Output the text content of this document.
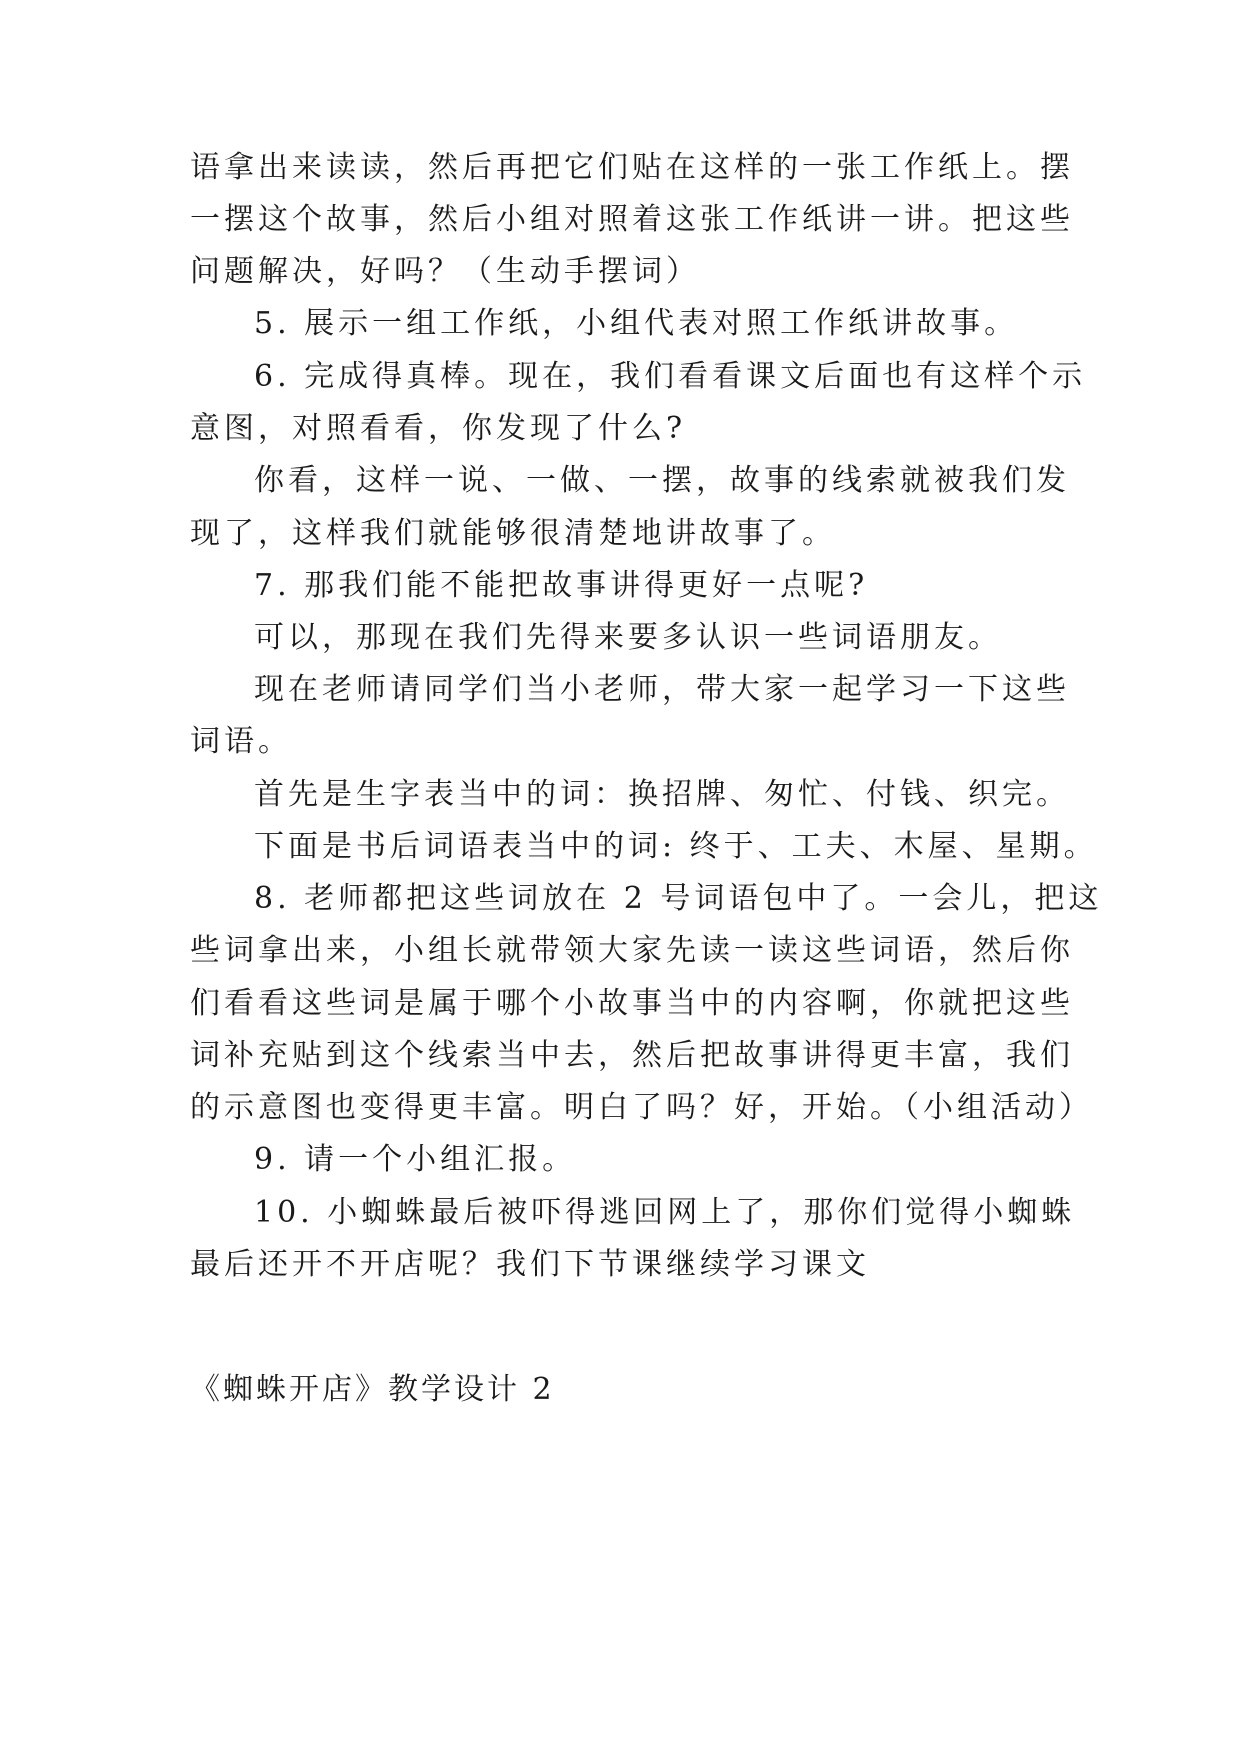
语拿出来读读，然后再把它们贴在这样的一张工作纸上。摆
一摆这个故事，然后小组对照着这张工作纸讲一讲。把这些
问题解决，好吗？（生动手摆词）
5. 展示一组工作纸，小组代表对照工作纸讲故事。
6. 完成得真棒。现在，我们看看课文后面也有这样个示
意图，对照看看，你发现了什么?
你看，这样一说、一做、一摆，故事的线索就被我们发
现了，这样我们就能够很清楚地讲故事了。
7. 那我们能不能把故事讲得更好一点呢?
可以，那现在我们先得来要多认识一些词语朋友。
现在老师请同学们当小老师，带大家一起学习一下这些
词语。
首先是生字表当中的词：换招牌、匆忙、付钱、织完。
下面是书后词语表当中的词: 终于、工夫、木屋、星期。
8. 老师都把这些词放在 2 号词语包中了。一会儿，把这
些词拿出来，小组长就带领大家先读一读这些词语，然后你
们看看这些词是属于哪个小故事当中的内容啊，你就把这些
词补充贴到这个线索当中去，然后把故事讲得更丰富，我们
的示意图也变得更丰富。明白了吗？好，开始。（小组活动）
9. 请一个小组汇报。
10. 小蜘蛛最后被吓得逃回网上了，那你们觉得小蜘蛛
最后还开不开店呢？我们下节课继续学习课文
《蜘蛛开店》教学设计 2
